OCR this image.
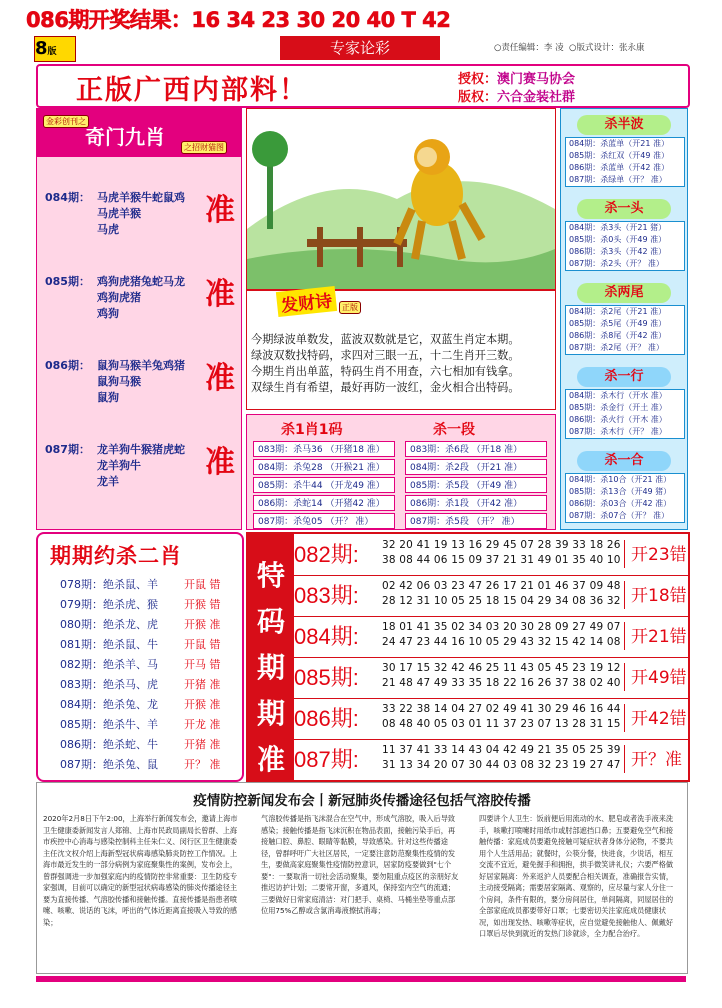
086期开奖结果：16 34 23 30 20 40 T 42
8版	专家论彩	○责任编辑：李 凌 ○版式设计：张永康
正版广西内部料！	授权：澳门赛马协会
版权：六合金装社群
金彩创刊之
奇门九肖	之招财猫图
084期： 马虎羊猴牛蛇鼠鸡
马虎羊猴
马虎
准
085期： 鸡狗虎猪兔蛇马龙
鸡狗虎猪
鸡狗
准
086期： 鼠狗马猴羊兔鸡猪
鼠狗马猴
鼠狗
准
087期： 龙羊狗牛猴猪虎蛇
龙羊狗牛
龙羊
准
发财诗	正版
今期绿波单数发，蓝波双数就是它，双蓝生肖定本期。
绿波双数找特码，求四对三眼一五，十二生肖开三数。
今期生肖出单蓝，特码生肖不用查，六七相加有钱拿。
双绿生肖有希望，最好再防一波红，金火相合出特码。
杀1肖1码
083期：杀马36 （开猪18 准）
084期：杀兔28 （开猴21 准）
085期：杀牛44 （开龙49 准）
086期：杀蛇14 （开猪42 准）
087期：杀兔05 （开？ 准）
杀一段
083期：杀6段 （开18 准）
084期：杀2段 （开21 准）
085期：杀5段 （开49 准）
086期：杀1段 （开42 准）
087期：杀5段 （开？ 准）
杀半波
084期：杀蓝单（开21 准）
085期：杀红双（开49 准）
086期：杀蓝单（开42 准）
087期：杀绿单（开？ 准）
杀一头
084期：杀3头（开21 猪）
085期：杀0头（开49 准）
086期：杀3头（开42 准）
087期：杀2头（开？ 准）
杀两尾
084期：杀2尾（开21 准）
085期：杀5尾（开49 准）
086期：杀8尾（开42 准）
087期：杀2尾（开？ 准）
杀一行
084期：杀木行（开水 准）
085期：杀金行（开土 准）
086期：杀火行（开木 准）
087期：杀木行（开？ 准）
杀一合
084期：杀10合（开21 准）
085期：杀13合（开49 猪）
086期：杀03合（开42 准）
087期：杀07合（开？ 准）
期期约杀二肖
078期：绝杀鼠、羊 开鼠 错
079期：绝杀虎、猴 开猴 错
080期：绝杀龙、虎 开猴 准
081期：绝杀鼠、牛 开鼠 错
082期：绝杀羊、马 开马 错
083期：绝杀马、虎 开猪 准
084期：绝杀兔、龙 开猴 准
085期：绝杀牛、羊 开龙 准
086期：绝杀蛇、牛 开猪 准
087期：绝杀兔、鼠 开？ 准
特
码
期
期
准
082期: 32 20 41 19 13 16 29 45 07 28 39 33 18 26
38 08 44 06 15 09 37 21 31 49 01 35 40 10 开23错
083期: 02 42 06 03 23 47 26 17 21 01 46 37 09 48
28 12 31 10 05 25 18 15 04 29 34 08 36 32 开18错
084期: 18 01 41 35 02 34 03 20 30 28 09 27 49 07
24 47 23 44 16 10 05 29 43 32 15 42 14 08 开21错
085期: 30 17 15 32 42 46 25 11 43 05 45 23 19 12
21 48 47 49 33 35 18 22 16 26 37 38 02 40 开49错
086期: 33 22 38 14 04 27 02 49 41 30 29 46 16 44
08 48 40 05 03 01 11 37 23 07 13 28 31 15 开42错
087期: 11 37 41 33 14 43 04 42 49 21 35 05 25 39
31 13 34 20 07 30 44 03 08 32 23 19 27 47 开？准
疫情防控新闻发布会丨新冠肺炎传播途径包括气溶胶传播
2020年2月8日下午2:00，上海举行新闻发布会，邀请上海市卫生健康委新闻发言人郑锦、上海市民政局副局长曾群、上海市疾控中心消毒与感染控制科主任朱仁义、闵行区卫生健康委主任沈文权介绍上海新型冠状病毒感染肺炎防控工作情况。上海市最近发生的一部分病例为家庭聚集性的案例，发布会上，曾群强调进一步加强家庭内的疫情防控非常重要：卫生防疫专家强调，目前可以确定的新型冠状病毒感染的肺炎传播途径主要为直接传播、气溶胶传播和接触传播。直接传播是指患者喷嚏、咳嗽、说话的飞沫，呼出的气体近距离直接吸入导致的感染；
气溶胶传播是指飞沫混合在空气中，形成气溶胶，吸入后导致感染；接触传播是指飞沫沉积在物品表面，接触污染手后，再接触口腔、鼻腔、眼睛等黏膜，导致感染。针对这些传播途径，曾群呼吁广大社区居民，一定要注意防范聚集性疫情的发生，要做高家庭聚集性疫情防控意识，居家防疫要做到"七个要"：一要取消一切社会活动聚集，要勿阻重点疫区的亲朋好友推迟访护计划；二要常开窗，多通风，保持室内空气的流通；三要做好日常家庭清洁：对门把手、桌椅、马桶坐垫等重点部位用75%乙醇或含氯消毒液擦拭消毒；
四要讲个人卫生：饭前便后用流动的水、肥皂或者洗手液来洗手，咳嗽打喷嚏时用纸巾或肘部遮挡口鼻；五要避免空气和接触传播：家庭成员要避免接触可疑症状者身体分泌物，不要共用个人生活用品；就餐时，公筷分餐，快进食，少说话，相互交流不宜近，避免握手和拥抱，拱手微笑讲礼仪；六要严格做好居家隔离：外来返沪人员要配合相关调查，准确报告实情，主动接受隔离；需要居家隔离、观察的，应尽量与家人分住一个房间，条件有限的，要分房间居住，单间隔离，同屋居住的全部家庭成员都要带好口罩；七要密切关注家庭成员健康状况，如出现发热、咳嗽等症状，应自觉避免接触他人、佩戴好口罩后尽快到就近的发热门诊就诊，全力配合治疗。
